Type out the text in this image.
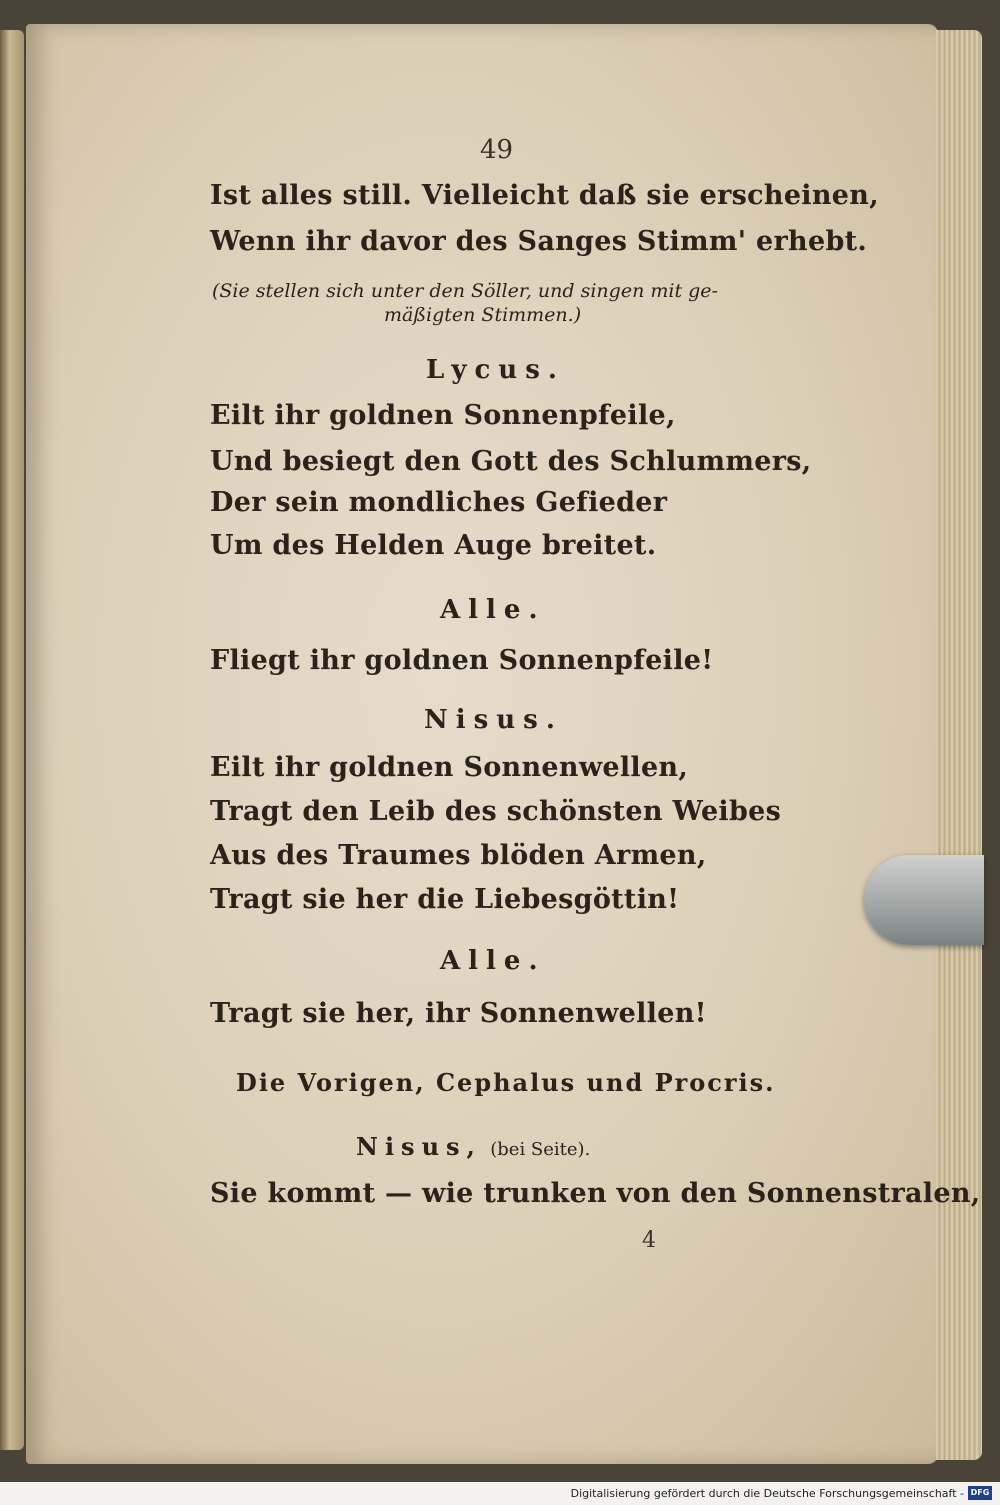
49
Ist alles still. Vielleicht daß sie erscheinen,
Wenn ihr davor des Sanges Stimm' erhebt.
(Sie stellen sich unter den Söller, und singen mit ge-
mäßigten Stimmen.)
Lycus.
Eilt ihr goldnen Sonnenpfeile,
Und besiegt den Gott des Schlummers,
Der sein mondliches Gefieder
Um des Helden Auge breitet.
Alle.
Fliegt ihr goldnen Sonnenpfeile!
Nisus.
Eilt ihr goldnen Sonnenwellen,
Tragt den Leib des schönsten Weibes
Aus des Traumes blöden Armen,
Tragt sie her die Liebesgöttin!
Alle.
Tragt sie her, ihr Sonnenwellen!
Die Vorigen, Cephalus und Procris.
Nisus, (bei Seite).
Sie kommt — wie trunken von den Sonnenstralen,
4
Digitalisierung gefördert durch die Deutsche Forschungsgemeinschaft - DFG
